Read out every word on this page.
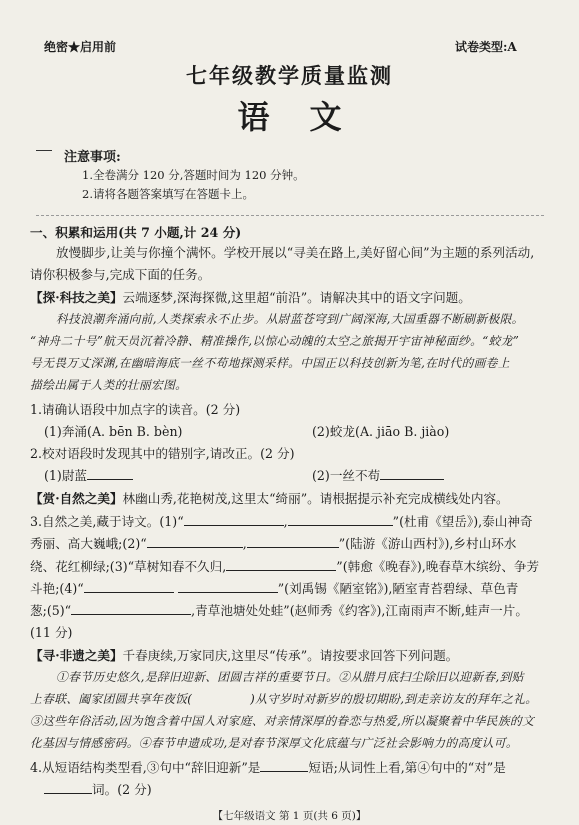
绝密★启用前	试卷类型:A
七年级教学质量监测
语文
注意事项:
1.全卷满分 120 分,答题时间为 120 分钟。
2.请将各题答案填写在答题卡上。
一、积累和运用(共 7 小题,计 24 分)
放慢脚步,让美与你撞个满怀。学校开展以“寻美在路上,美好留心间”为主题的系列活动,
请你积极参与,完成下面的任务。
【探·科技之美】云端逐梦,深海探微,这里超“前沿”。请解决其中的语文字问题。
科技浪潮奔涌向前,人类探索永不止步。从尉蓝苍穹到广阔深海,大国重器不断刷新极限。
“神舟二十号”航天员沉着冷静、精准操作,以惊心动魄的太空之旅揭开宇宙神秘面纱。“蛟龙”
号无畏万丈深渊,在幽暗海底一丝不苟地探测采样。中国正以科技创新为笔,在时代的画卷上
描绘出属于人类的壮丽宏图。
1.请确认语段中加点字的读音。(2 分)
(1)奔涌(A. bēn B. bèn)	(2)蛟龙(A. jiāo B. jiào)
2.校对语段时发现其中的错别字,请改正。(2 分)
(1)尉蓝	(2)一丝不苟
【赏·自然之美】林幽山秀,花艳树茂,这里太“绮丽”。请根据提示补充完成横线处内容。
3.自然之美,藏于诗文。(1)“	,	”(杜甫《望岳》),泰山神奇
秀丽、高大巍峨;(2)“	,	”(陆游《游山西村》),乡村山环水
绕、花红柳绿;(3)“草树知春不久归,	”(韩愈《晚春》),晚春草木缤纷、争芳
斗艳;(4)“	”(刘禹锡《陋室铭》),陋室青苔碧绿、草色青
葱;(5)“	,青草池塘处处蛙”(赵师秀《约客》),江南雨声不断,蛙声一片。
(11 分)
【寻·非遗之美】千春庚续,万家同庆,这里尽“传承”。请按要求回答下列问题。
①春节历史悠久,是辞旧迎新、团圆吉祥的重要节日。②从腊月底扫尘除旧以迎新春,到贴
上春联、阖家团圆共享年夜饭(	)从守岁时对新岁的殷切期盼,到走亲访友的拜年之礼。
③这些年俗活动,因为饱含着中国人对家庭、对亲情深厚的眷恋与热爱,所以凝聚着中华民族的文
化基因与情感密码。④春节申遗成功,是对春节深厚文化底蕴与广泛社会影响力的高度认可。
4.从短语结构类型看,③句中“辞旧迎新”是	短语;从词性上看,第④句中的“对”是
词。(2 分)
【七年级语文 第 1 页(共 6 页)】
